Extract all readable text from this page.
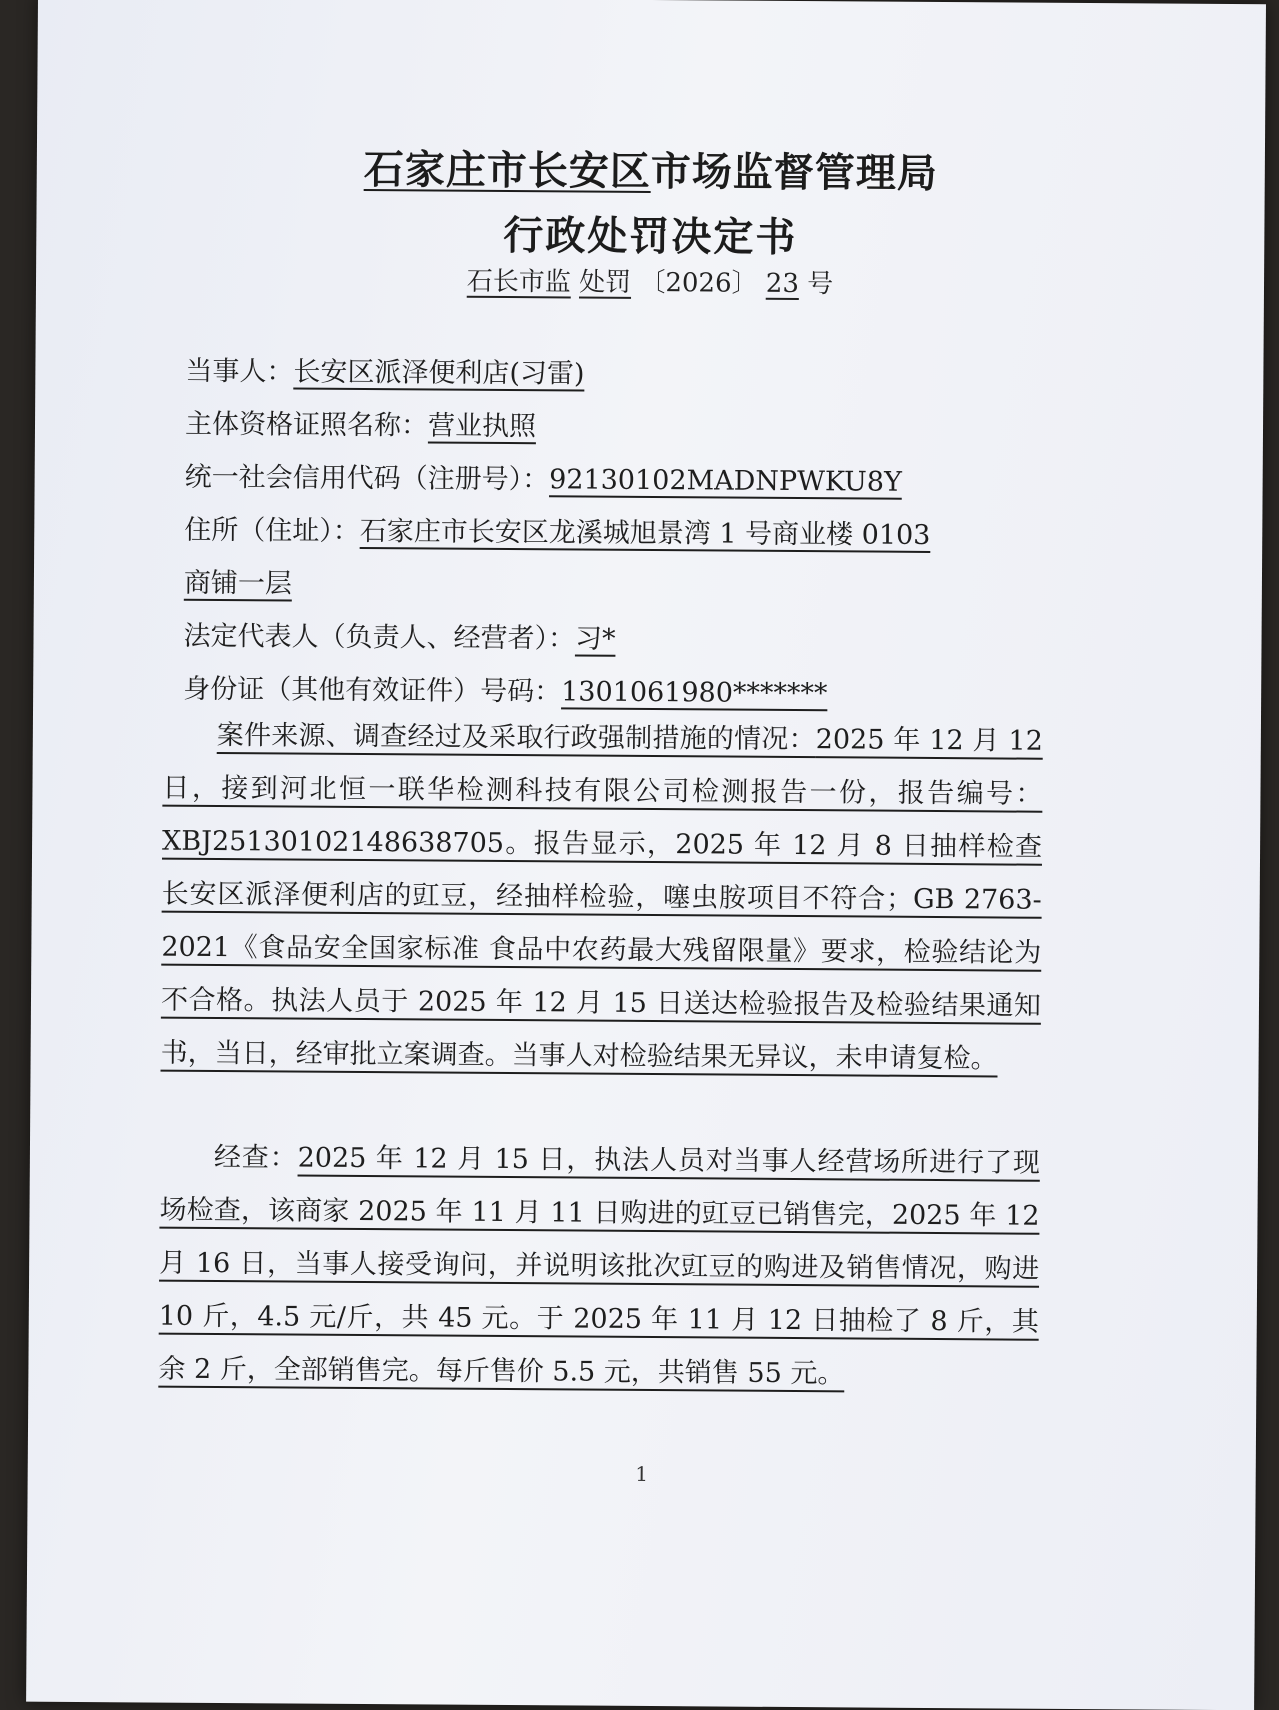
石家庄市长安区市场监督管理局
行政处罚决定书
石长市监 处罚 〔2026〕 23 号
当事人：长安区派泽便利店(习雷)
主体资格证照名称：营业执照
统一社会信用代码（注册号）：92130102MADNPWKU8Y
住所（住址）：石家庄市长安区龙溪城旭景湾 1 号商业楼 0103
商铺一层
法定代表人（负责人、经营者）：习*
身份证（其他有效证件）号码：1301061980*******
案件来源、调查经过及采取行政强制措施的情况：2025 年 12 月 12 日，接到河北恒一联华检测科技有限公司检测报告一份，报告编号：XBJ25130102148638705。报告显示，2025 年 12 月 8 日抽样检查长安区派泽便利店的豇豆，经抽样检验，噻虫胺项目不符合；GB 2763-2021《食品安全国家标准 食品中农药最大残留限量》要求，检验结论为不合格。执法人员于 2025 年 12 月 15 日送达检验报告及检验结果通知书，当日，经审批立案调查。当事人对检验结果无异议，未申请复检。
经查：2025 年 12 月 15 日，执法人员对当事人经营场所进行了现场检查，该商家 2025 年 11 月 11 日购进的豇豆已销售完，2025 年 12 月 16 日，当事人接受询问，并说明该批次豇豆的购进及销售情况，购进 10 斤，4.5 元/斤，共 45 元。于 2025 年 11 月 12 日抽检了 8 斤，其余 2 斤，全部销售完。每斤售价 5.5 元，共销售 55 元。
1
